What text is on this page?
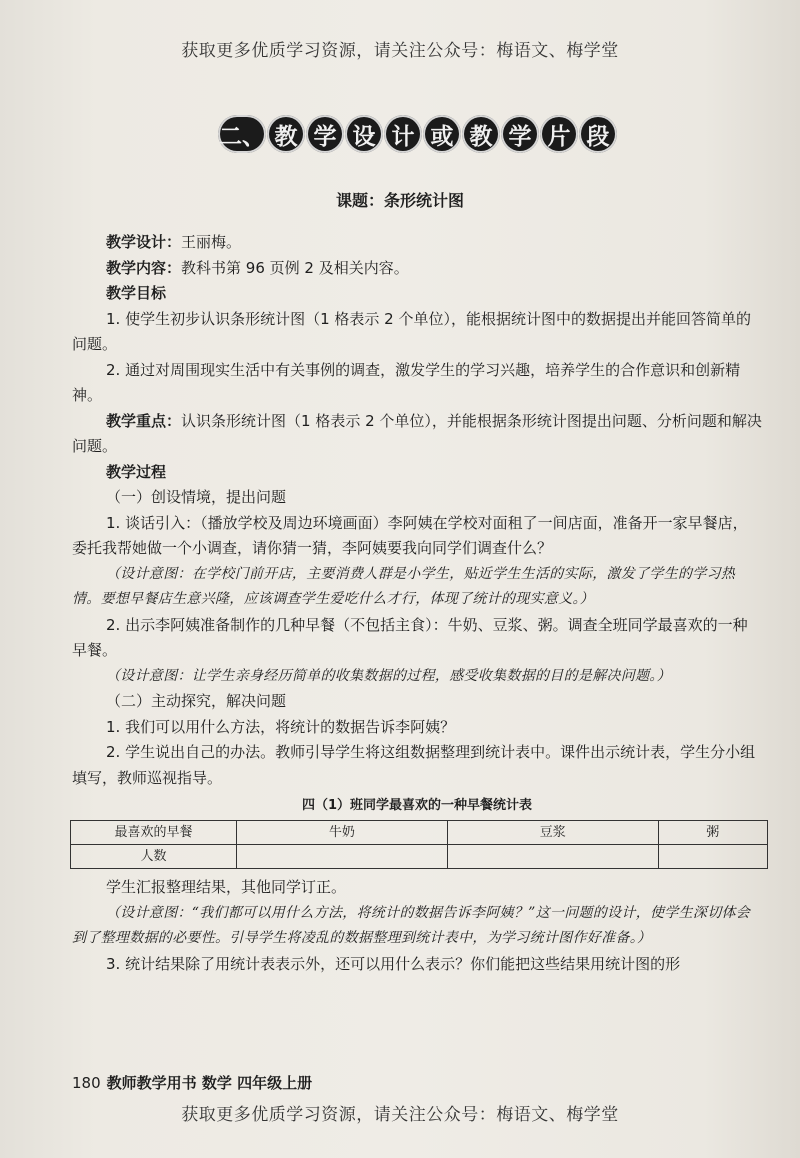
获取更多优质学习资源，请关注公众号：梅语文、梅学堂
二、 教 学 设 计 或 教 学 片 段
课题：条形统计图

教学设计：王丽梅。

教学内容：教科书第 96 页例 2 及相关内容。

教学目标

1. 使学生初步认识条形统计图（1 格表示 2 个单位），能根据统计图中的数据提出并能回答简单的问题。

2. 通过对周围现实生活中有关事例的调查，激发学生的学习兴趣，培养学生的合作意识和创新精神。

教学重点：认识条形统计图（1 格表示 2 个单位），并能根据条形统计图提出问题、分析问题和解决问题。

教学过程

（一）创设情境，提出问题

1. 谈话引入：（播放学校及周边环境画面）李阿姨在学校对面租了一间店面，准备开一家早餐店，委托我帮她做一个小调查，请你猜一猜，李阿姨要我向同学们调查什么？

（设计意图：在学校门前开店，主要消费人群是小学生，贴近学生生活的实际，激发了学生的学习热情。要想早餐店生意兴隆，应该调查学生爱吃什么才行，体现了统计的现实意义。）

2. 出示李阿姨准备制作的几种早餐（不包括主食）：牛奶、豆浆、粥。调查全班同学最喜欢的一种早餐。

（设计意图：让学生亲身经历简单的收集数据的过程，感受收集数据的目的是解决问题。）

（二）主动探究，解决问题

1. 我们可以用什么方法，将统计的数据告诉李阿姨？

2. 学生说出自己的办法。教师引导学生将这组数据整理到统计表中。课件出示统计表，学生分小组填写，教师巡视指导。

四（1）班同学最喜欢的一种早餐统计表

最喜欢的早餐	牛奶	豆浆	粥
人数			

学生汇报整理结果，其他同学订正。

（设计意图：“我们都可以用什么方法，将统计的数据告诉李阿姨？”这一问题的设计，使学生深切体会到了整理数据的必要性。引导学生将凌乱的数据整理到统计表中，为学习统计图作好准备。）

3. 统计结果除了用统计表表示外，还可以用什么表示？你们能把这些结果用统计图的形

180 教师教学用书 数学 四年级上册
获取更多优质学习资源，请关注公众号：梅语文、梅学堂
